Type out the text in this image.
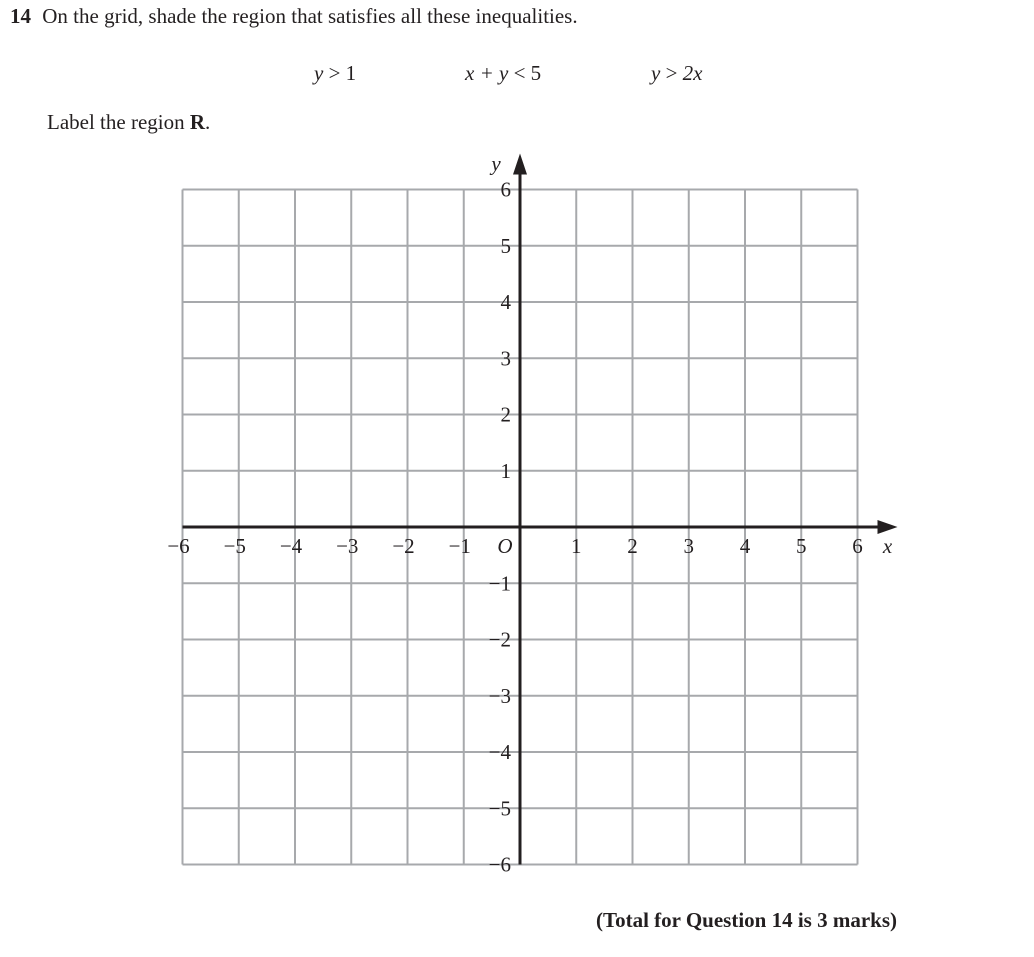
14 On the grid, shade the region that satisfies all these inequalities.
y > 1	x + y < 5	y > 2x
Label the region R.
−6 −5 −4 −3 −2 −1	1 2 3 4 5 6
6
5
4
3
2
1
−1
−2
−3
−4
−5
−6
O	x
y
(Total for Question 14 is 3 marks)
